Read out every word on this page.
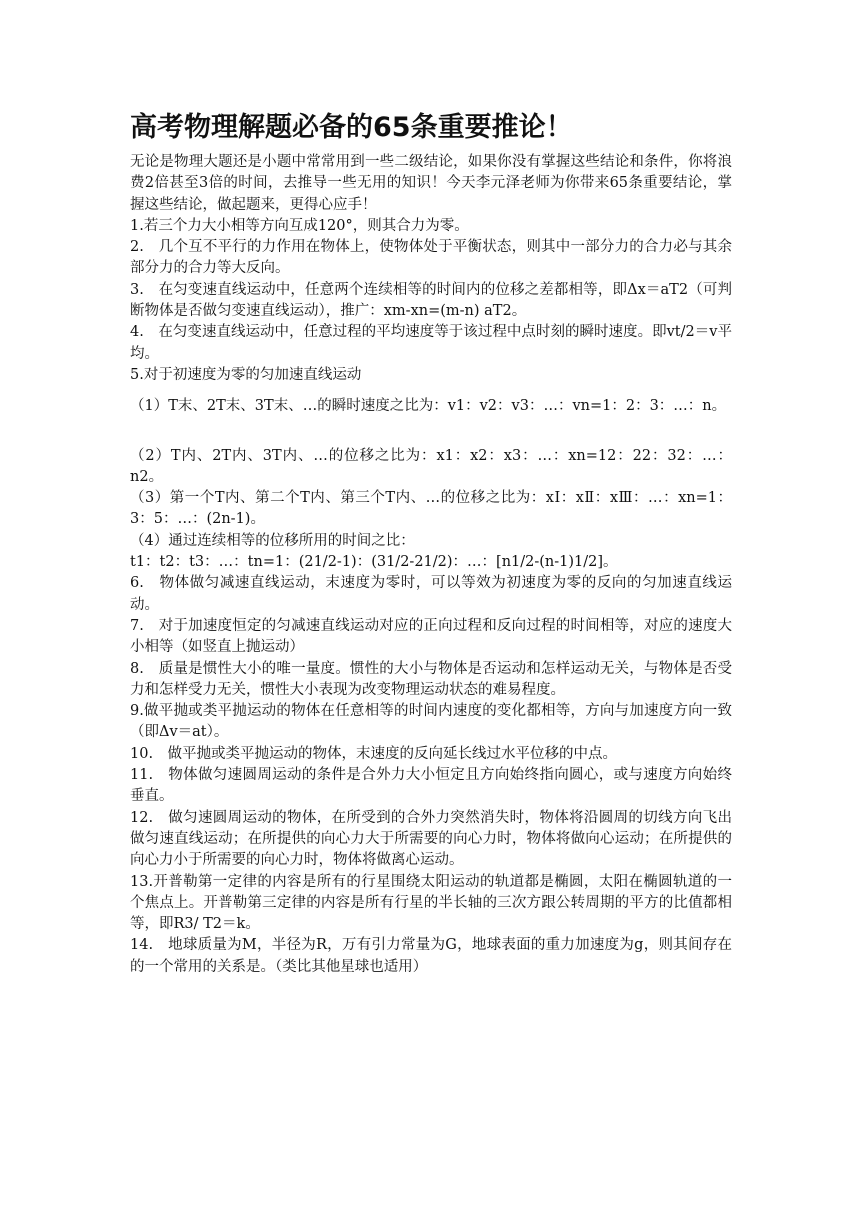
高考物理解题必备的65条重要推论！

无论是物理大题还是小题中常常用到一些二级结论，如果你没有掌握这些结论和条件，你将浪费2倍甚至3倍的时间，去推导一些无用的知识！今天李元泽老师为你带来65条重要结论，掌握这些结论，做起题来，更得心应手！

1.若三个力大小相等方向互成120°，则其合力为零。

2.　几个互不平行的力作用在物体上，使物体处于平衡状态，则其中一部分力的合力必与其余部分力的合力等大反向。

3.　在匀变速直线运动中，任意两个连续相等的时间内的位移之差都相等，即Δx＝aT2（可判断物体是否做匀变速直线运动），推广：xm-xn=(m-n) aT2。

4.　在匀变速直线运动中，任意过程的平均速度等于该过程中点时刻的瞬时速度。即vt/2＝v平均。

5.对于初速度为零的匀加速直线运动

（1）T末、2T末、3T末、…的瞬时速度之比为：v1：v2：v3：…：vn=1：2：3：…：n。

（2）T内、2T内、3T内、…的位移之比为：x1：x2：x3：…：xn=12：22：32：…：n2。

（3）第一个T内、第二个T内、第三个T内、…的位移之比为：xⅠ：xⅡ：xⅢ：…：xn=1：3：5：…：(2n-1)。

（4）通过连续相等的位移所用的时间之比：

t1：t2：t3：…：tn=1：(21/2-1)：(31/2-21/2)：…：[n1/2-(n-1)1/2]。

6.　物体做匀减速直线运动，末速度为零时，可以等效为初速度为零的反向的匀加速直线运动。

7.　对于加速度恒定的匀减速直线运动对应的正向过程和反向过程的时间相等，对应的速度大小相等（如竖直上抛运动）

8.　质量是惯性大小的唯一量度。惯性的大小与物体是否运动和怎样运动无关，与物体是否受力和怎样受力无关，惯性大小表现为改变物理运动状态的难易程度。

9.做平抛或类平抛运动的物体在任意相等的时间内速度的变化都相等，方向与加速度方向一致（即Δv＝at）。

10.　做平抛或类平抛运动的物体，末速度的反向延长线过水平位移的中点。

11.　物体做匀速圆周运动的条件是合外力大小恒定且方向始终指向圆心，或与速度方向始终垂直。

12.　做匀速圆周运动的物体，在所受到的合外力突然消失时，物体将沿圆周的切线方向飞出做匀速直线运动；在所提供的向心力大于所需要的向心力时，物体将做向心运动；在所提供的向心力小于所需要的向心力时，物体将做离心运动。

13.开普勒第一定律的内容是所有的行星围绕太阳运动的轨道都是椭圆，太阳在椭圆轨道的一个焦点上。开普勒第三定律的内容是所有行星的半长轴的三次方跟公转周期的平方的比值都相等，即R3/ T2＝k。

14.　地球质量为M，半径为R，万有引力常量为G，地球表面的重力加速度为g，则其间存在的一个常用的关系是。（类比其他星球也适用）
